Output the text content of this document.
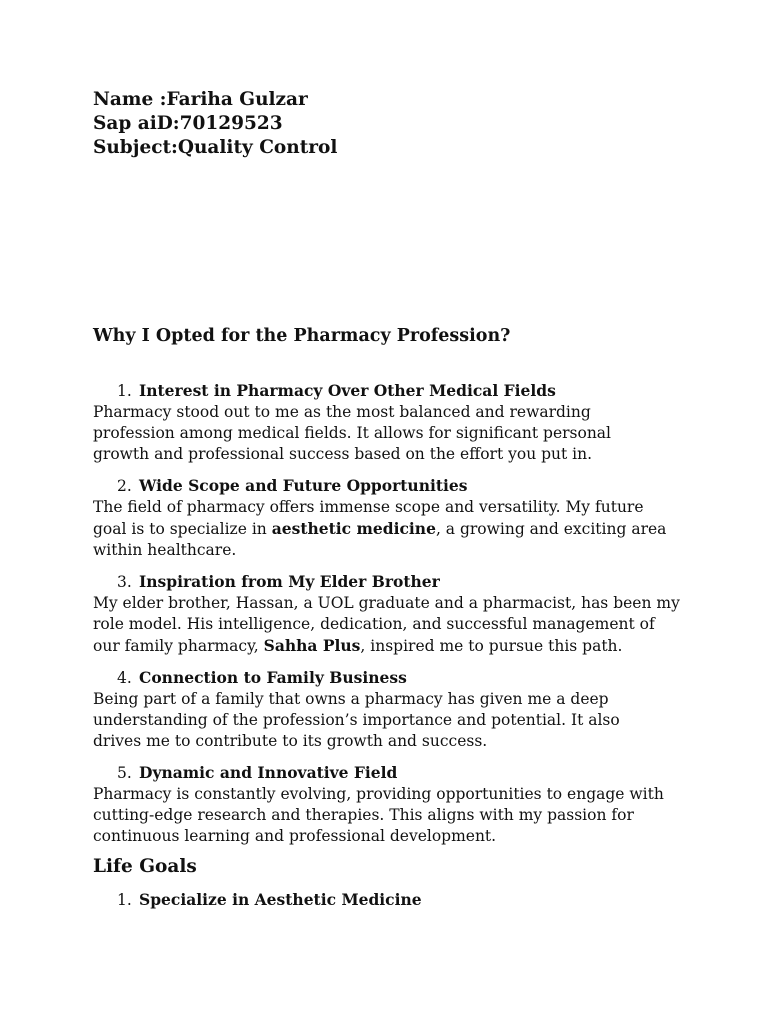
Name :Fariha Gulzar
Sap aiD:70129523
Subject:Quality Control
Why I Opted for the Pharmacy Profession?
1. Interest in Pharmacy Over Other Medical Fields
Pharmacy stood out to me as the most balanced and rewarding
profession among medical fields. It allows for significant personal
growth and professional success based on the effort you put in.
2. Wide Scope and Future Opportunities
The field of pharmacy offers immense scope and versatility. My future
goal is to specialize in aesthetic medicine, a growing and exciting area
within healthcare.
3. Inspiration from My Elder Brother
My elder brother, Hassan, a UOL graduate and a pharmacist, has been my
role model. His intelligence, dedication, and successful management of
our family pharmacy, Sahha Plus, inspired me to pursue this path.
4. Connection to Family Business
Being part of a family that owns a pharmacy has given me a deep
understanding of the profession’s importance and potential. It also
drives me to contribute to its growth and success.
5. Dynamic and Innovative Field
Pharmacy is constantly evolving, providing opportunities to engage with
cutting-edge research and therapies. This aligns with my passion for
continuous learning and professional development.
Life Goals
1. Specialize in Aesthetic Medicine
